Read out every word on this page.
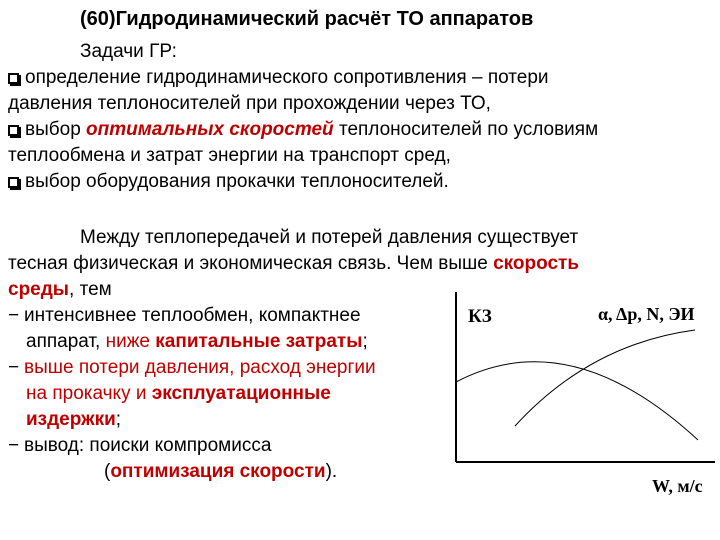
(60)Гидродинамический расчёт ТО аппаратов
Задачи ГР:
определение гидродинамического сопротивления – потери
давления теплоносителей при прохождении через ТО,
выбор оптимальных скоростей теплоносителей по условиям
теплообмена и затрат энергии на транспорт сред,
выбор оборудования прокачки теплоносителей.
Между теплопередачей и потерей давления существует
тесная физическая и экономическая связь. Чем выше скорость
среды, тем
− интенсивнее теплообмен, компактнее
аппарат, ниже капитальные затраты;
− выше потери давления, расход энергии
на прокачку и эксплуатационные
издержки;
− вывод: поиски компромисса
(оптимизация скорости).
КЗ	α, Δp, N, ЭИ
W, м/с
